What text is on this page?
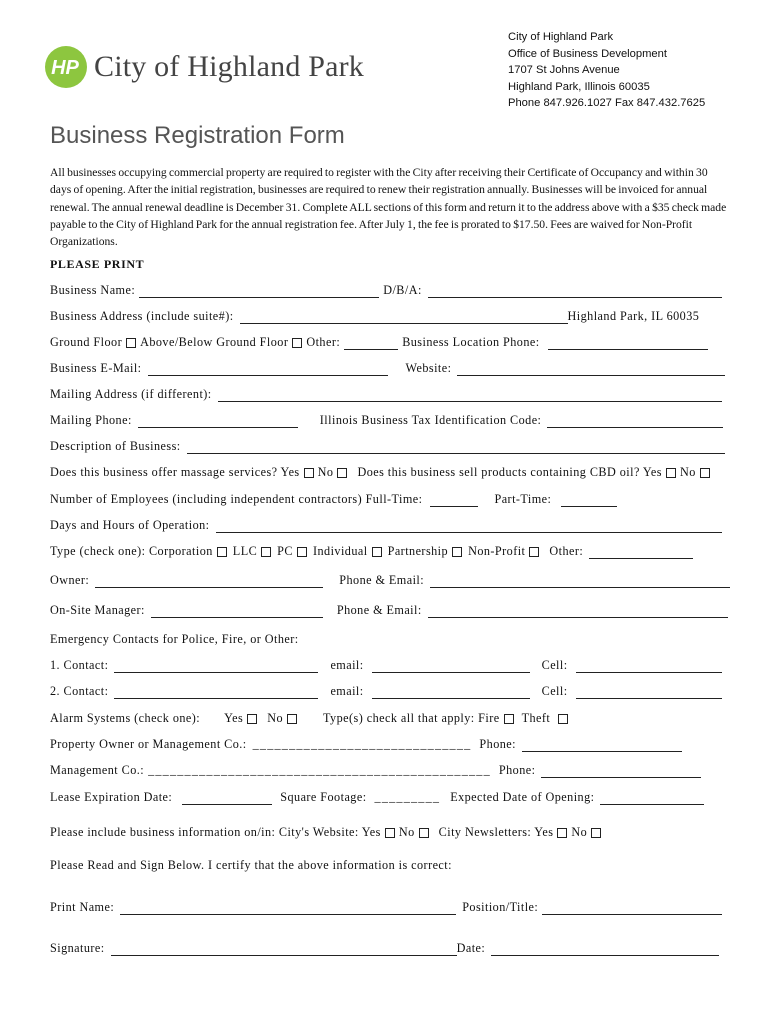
HP City of Highland Park
City of Highland Park
Office of Business Development
1707 St Johns Avenue
Highland Park, Illinois 60035
Phone 847.926.1027 Fax 847.432.7625
Business Registration Form
All businesses occupying commercial property are required to register with the City after receiving their Certificate of Occupancy and within 30 days of opening. After the initial registration, businesses are required to renew their registration annually. Businesses will be invoiced for annual renewal. The annual renewal deadline is December 31. Complete ALL sections of this form and return it to the address above with a $35 check made payable to the City of Highland Park for the annual registration fee. After July 1, the fee is prorated to $17.50. Fees are waived for Non-Profit Organizations.
PLEASE PRINT
Business Name:	D/B/A:
Business Address (include suite#):	Highland Park, IL 60035
Ground Floor Above/Below Ground Floor Other:	Business Location Phone:
Business E-Mail:	Website:
Mailing Address (if different):
Mailing Phone:	Illinois Business Tax Identification Code:
Description of Business:
Does this business offer massage services? Yes No Does this business sell products containing CBD oil? Yes No
Number of Employees (including independent contractors) Full-Time:	Part-Time:
Days and Hours of Operation:
Type (check one): Corporation LLC PC Individual Partnership Non-Profit Other:
Owner:	Phone & Email:
On-Site Manager:	Phone & Email:
Emergency Contacts for Police, Fire, or Other:
1. Contact:	email:	Cell:
2. Contact:	email:	Cell:
Alarm Systems (check one): Yes No	Type(s) check all that apply: Fire Theft
Property Owner or Management Co.: ______________________________ Phone:
Management Co.: _______________________________________________ Phone:
Lease Expiration Date:	Square Footage: _________ Expected Date of Opening:
Please include business information on/in: City's Website: Yes No City Newsletters: Yes No
Please Read and Sign Below. I certify that the above information is correct:
Print Name:	Position/Title:
Signature:	Date:
